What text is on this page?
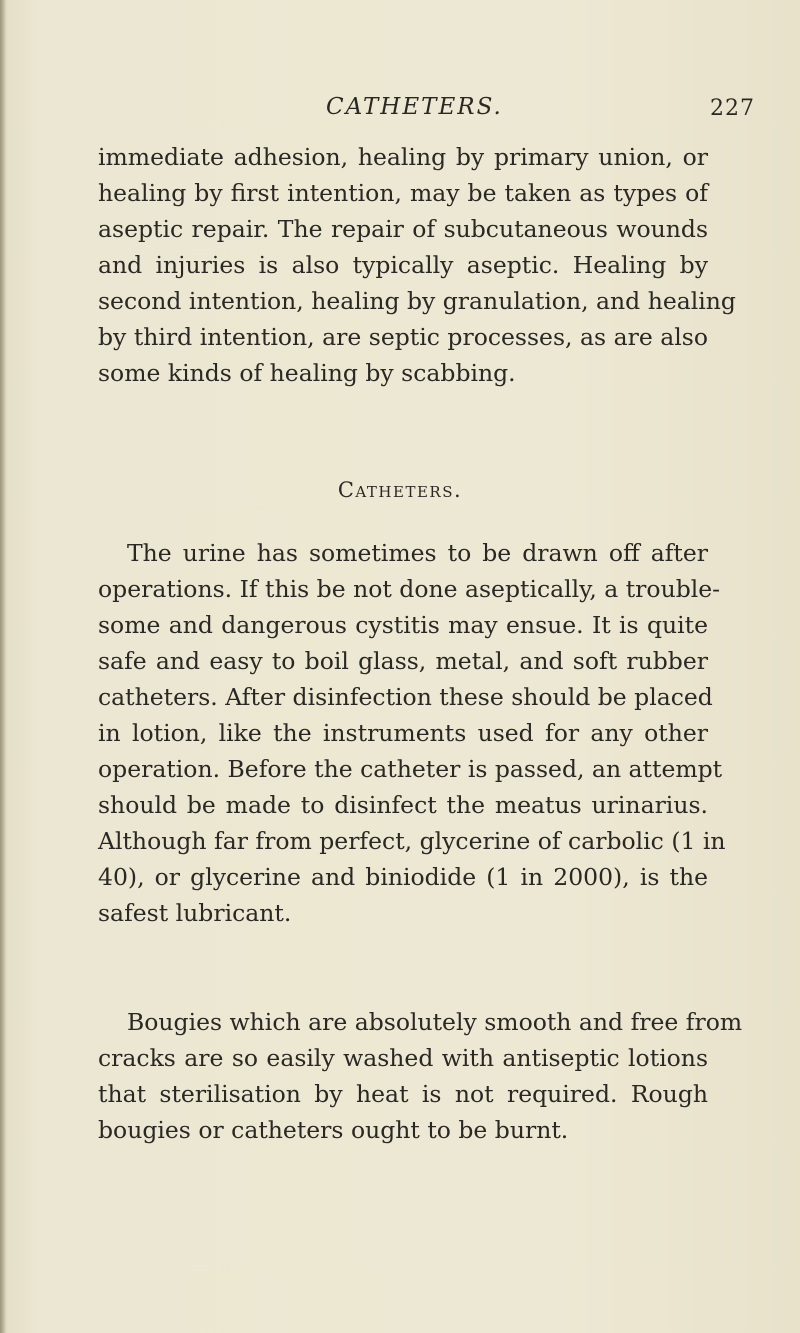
CATHETERS.	227
immediate adhesion, healing by primary union, or
healing by first intention, may be taken as types of
aseptic repair. The repair of subcutaneous wounds
and injuries is also typically aseptic. Healing by
second intention, healing by granulation, and healing
by third intention, are septic processes, as are also
some kinds of healing by scabbing.
Catheters.
The urine has sometimes to be drawn off after
operations. If this be not done aseptically, a trouble-
some and dangerous cystitis may ensue. It is quite
safe and easy to boil glass, metal, and soft rubber
catheters. After disinfection these should be placed
in lotion, like the instruments used for any other
operation. Before the catheter is passed, an attempt
should be made to disinfect the meatus urinarius.
Although far from perfect, glycerine of carbolic (1 in
40), or glycerine and biniodide (1 in 2000), is the
safest lubricant.
Bougies which are absolutely smooth and free from
cracks are so easily washed with antiseptic lotions
that sterilisation by heat is not required. Rough
bougies or catheters ought to be burnt.
